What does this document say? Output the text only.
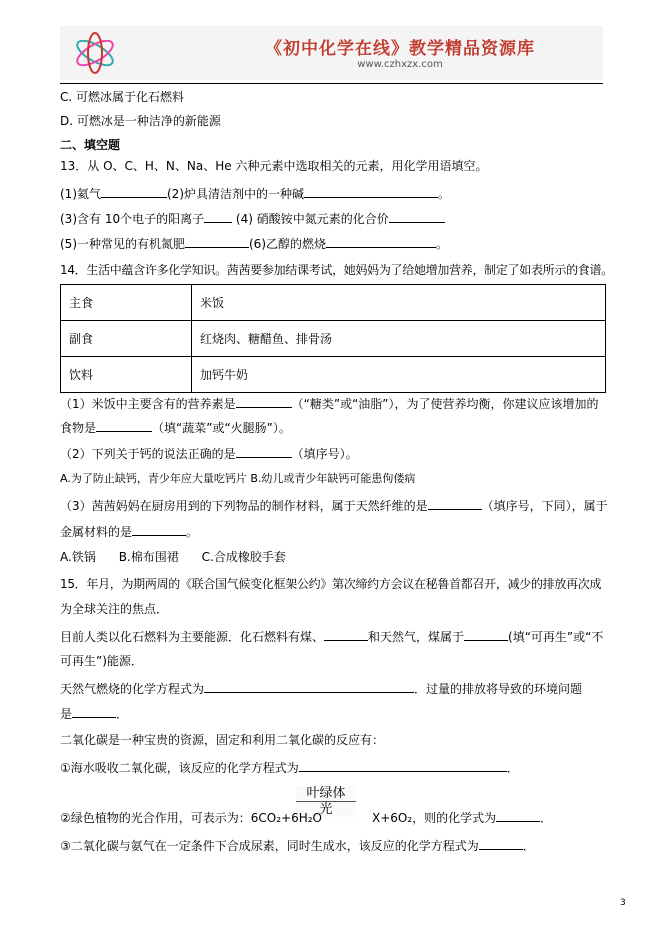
《初中化学在线》教学精品资源库
www.czhxzx.com
C. 可燃冰属于化石燃料
D. 可燃冰是一种洁净的新能源
二、填空题
13．从 O、C、H、N、Na、He 六种元素中选取相关的元素，用化学用语填空。
(1)氦气	(2)炉具清洁剂中的一种碱	。
(3)含有 10个电子的阳离子 (4) 硝酸铵中氮元素的化合价
(5)一种常见的有机氮肥	(6)乙醇的燃烧	。
14．生活中蕴含许多化学知识。茜茜要参加结课考试，她妈妈为了给她增加营养，制定了如表所示的食谱。
主食	米饭
副食	红烧肉、糖醋鱼、排骨汤
饮料	加钙牛奶
（1）米饭中主要含有的营养素是	（“糖类”或“油脂”），为了使营养均衡，你建议应该增加的
食物是	（填“蔬菜”或“火腿肠”）。
（2）下列关于钙的说法正确的是	（填序号）。
A.为了防止缺钙，青少年应大量吃钙片 B.幼儿或青少年缺钙可能患佝偻病
（3）茜茜妈妈在厨房用到的下列物品的制作材料，属于天然纤维的是	（填序号，下同），属于
金属材料的是	。
A.铁锅      B.棉布围裙      C.合成橡胶手套
15．年月，为期两周的《联合国气候变化框架公约》第次缔约方会议在秘鲁首都召开，减少的排放再次成
为全球关注的焦点．
目前人类以化石燃料为主要能源．化石燃料有煤、	和天然气，煤属于	(填“可再生”或“不
可再生”)能源．
天然气燃烧的化学方程式为	．过量的排放将导致的环境问题
是	．
二氧化碳是一种宝贵的资源，固定和利用二氧化碳的反应有：
①海水吸收二氧化碳，该反应的化学方程式为	．
叶绿体
光
②绿色植物的光合作用，可表示为：6CO₂+6H₂O	X+6O₂，则的化学式为	．
③二氧化碳与氨气在一定条件下合成尿素，同时生成水，该反应的化学方程式为	．
3
